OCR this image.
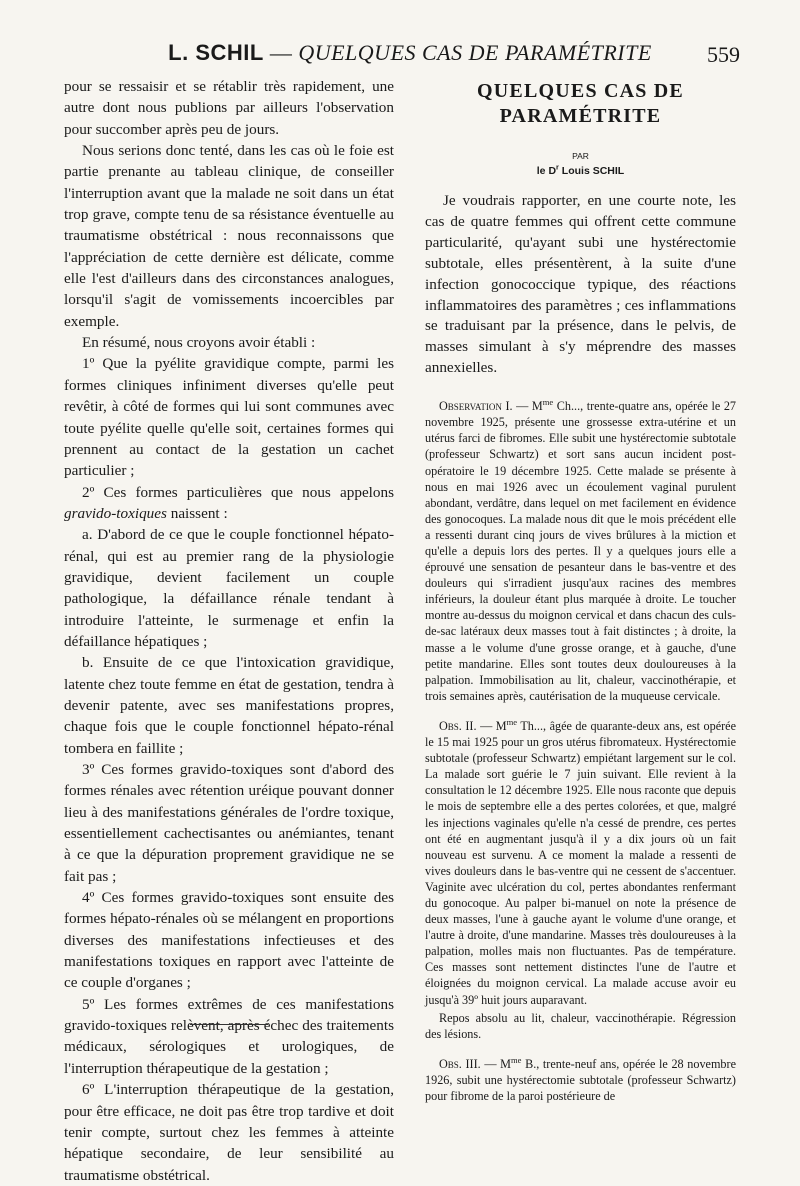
L. SCHIL — QUELQUES CAS DE PARAMÉTRITE	559

pour se ressaisir et se rétablir très rapidement, une autre dont nous publions par ailleurs l'observation pour succomber après peu de jours.

Nous serions donc tenté, dans les cas où le foie est partie prenante au tableau clinique, de conseiller l'interruption avant que la malade ne soit dans un état trop grave, compte tenu de sa résistance éventuelle au traumatisme obstétrical : nous reconnaissons que l'appréciation de cette dernière est délicate, comme elle l'est d'ailleurs dans des circonstances analogues, lorsqu'il s'agit de vomissements incoercibles par exemple.

En résumé, nous croyons avoir établi :

1º Que la pyélite gravidique compte, parmi les formes cliniques infiniment diverses qu'elle peut revêtir, à côté de formes qui lui sont communes avec toute pyélite quelle qu'elle soit, certaines formes qui prennent au contact de la gestation un cachet particulier ;

2º Ces formes particulières que nous appelons gravido-toxiques naissent :

a. D'abord de ce que le couple fonctionnel hépato-rénal, qui est au premier rang de la physiologie gravidique, devient facilement un couple pathologique, la défaillance rénale tendant à introduire l'atteinte, le surmenage et enfin la défaillance hépatiques ;

b. Ensuite de ce que l'intoxication gravidique, latente chez toute femme en état de gestation, tendra à devenir patente, avec ses manifestations propres, chaque fois que le couple fonctionnel hépato-rénal tombera en faillite ;

3º Ces formes gravido-toxiques sont d'abord des formes rénales avec rétention uréique pouvant donner lieu à des manifestations générales de l'ordre toxique, essentiellement cachectisantes ou anémiantes, tenant à ce que la dépuration proprement gravidique ne se fait pas ;

4º Ces formes gravido-toxiques sont ensuite des formes hépato-rénales où se mélangent en proportions diverses des manifestations infectieuses et des manifestations toxiques en rapport avec l'atteinte de ce couple d'organes ;

5º Les formes extrêmes de ces manifestations gravido-toxiques relèvent, après échec des traitements médicaux, sérologiques et urologiques, de l'interruption thérapeutique de la gestation ;

6º L'interruption thérapeutique de la gestation, pour être efficace, ne doit pas être trop tardive et doit tenir compte, surtout chez les femmes à atteinte hépatique secondaire, de leur sensibilité au traumatisme obstétrical.

QUELQUES CAS DE
PARAMÉTRITE
PAR
le $D^r$ Louis SCHIL

Je voudrais rapporter, en une courte note, les cas de quatre femmes qui offrent cette commune particularité, qu'ayant subi une hystérectomie subtotale, elles présentèrent, à la suite d'une infection gonococcique typique, des réactions inflammatoires des paramètres ; ces inflammations se traduisant par la présence, dans le pelvis, de masses simulant à s'y méprendre des masses annexielles.

Observation I. — $M^{me}$ Ch..., trente-quatre ans, opérée le 27 novembre 1925, présente une grossesse extra-utérine et un utérus farci de fibromes. Elle subit une hystérectomie subtotale (professeur Schwartz) et sort sans aucun incident post-opératoire le 19 décembre 1925. Cette malade se présente à nous en mai 1926 avec un écoulement vaginal purulent abondant, verdâtre, dans lequel on met facilement en évidence des gonocoques. La malade nous dit que le mois précédent elle a ressenti durant cinq jours de vives brûlures à la miction et qu'elle a depuis lors des pertes. Il y a quelques jours elle a éprouvé une sensation de pesanteur dans le bas-ventre et des douleurs qui s'irradient jusqu'aux racines des membres inférieurs, la douleur étant plus marquée à droite. Le toucher montre au-dessus du moignon cervical et dans chacun des culs-de-sac latéraux deux masses tout à fait distinctes ; à droite, la masse a le volume d'une grosse orange, et à gauche, d'une petite mandarine. Elles sont toutes deux douloureuses à la palpation. Immobilisation au lit, chaleur, vaccinothérapie, et trois semaines après, cautérisation de la muqueuse cervicale.

Obs. II. — $M^{me}$ Th..., âgée de quarante-deux ans, est opérée le 15 mai 1925 pour un gros utérus fibromateux. Hystérectomie subtotale (professeur Schwartz) empiétant largement sur le col. La malade sort guérie le 7 juin suivant. Elle revient à la consultation le 12 décembre 1925. Elle nous raconte que depuis le mois de septembre elle a des pertes colorées, et que, malgré les injections vaginales qu'elle n'a cessé de prendre, ces pertes ont été en augmentant jusqu'à il y a dix jours où un fait nouveau est survenu. A ce moment la malade a ressenti de vives douleurs dans le bas-ventre qui ne cessent de s'accentuer. Vaginite avec ulcération du col, pertes abondantes renfermant du gonocoque. Au palper bi-manuel on note la présence de deux masses, l'une à gauche ayant le volume d'une orange, et l'autre à droite, d'une mandarine. Masses très douloureuses à la palpation, molles mais non fluctuantes. Pas de température. Ces masses sont nettement distinctes l'une de l'autre et éloignées du moignon cervical. La malade accuse avoir eu jusqu'à 39º huit jours auparavant.

Repos absolu au lit, chaleur, vaccinothérapie. Régression des lésions.

Obs. III. — $M^{me}$ B., trente-neuf ans, opérée le 28 novembre 1926, subit une hystérectomie subtotale (professeur Schwartz) pour fibrome de la paroi postérieure de
